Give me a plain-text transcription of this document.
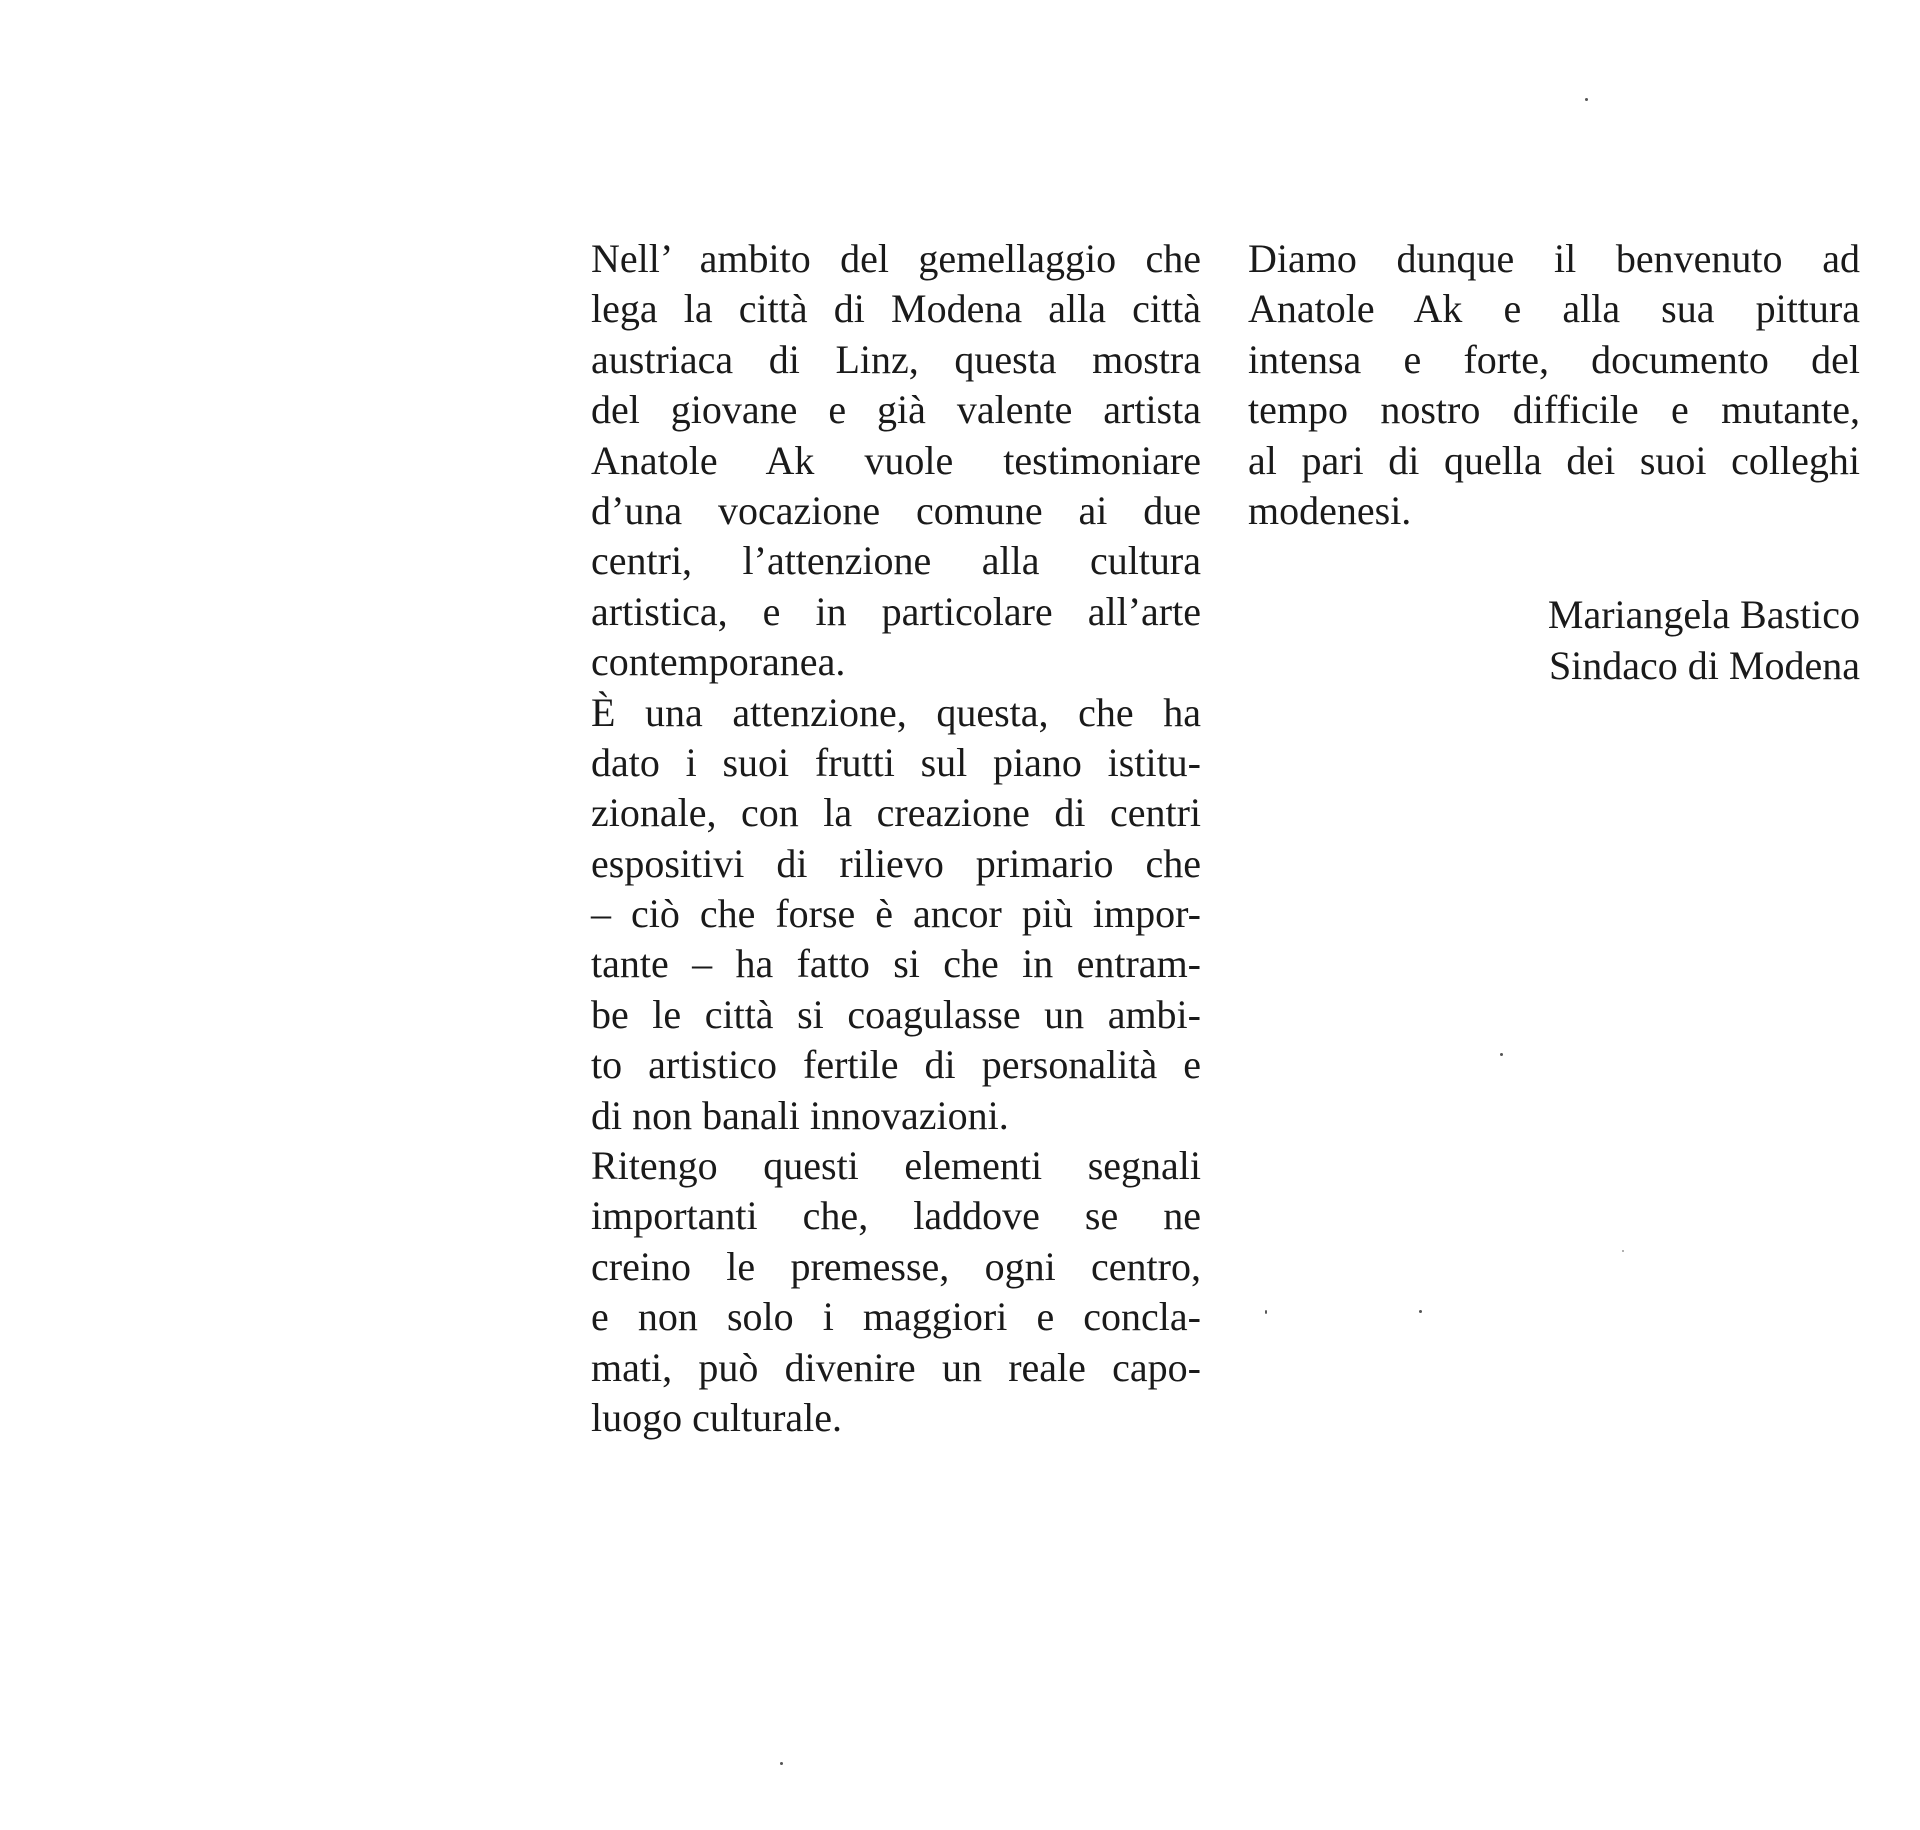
Nell’ ambito del gemellaggio che
lega la città di Modena alla città
austriaca di Linz, questa mostra
del giovane e già valente artista
Anatole Ak vuole testimoniare
d’una vocazione comune ai due
centri, l’attenzione alla cultura
artistica, e in particolare all’arte
contemporanea.
È una attenzione, questa, che ha
dato i suoi frutti sul piano istitu-
zionale, con la creazione di centri
espositivi di rilievo primario che
– ciò che forse è ancor più impor-
tante – ha fatto si che in entram-
be le città si coagulasse un ambi-
to artistico fertile di personalità e
di non banali innovazioni.
Ritengo questi elementi segnali
importanti che, laddove se ne
creino le premesse, ogni centro,
e non solo i maggiori e concla-
mati, può divenire un reale capo-
luogo culturale.
Diamo dunque il benvenuto ad
Anatole Ak e alla sua pittura
intensa e forte, documento del
tempo nostro difficile e mutante,
al pari di quella dei suoi colleghi
modenesi.
Mariangela Bastico
Sindaco di Modena
